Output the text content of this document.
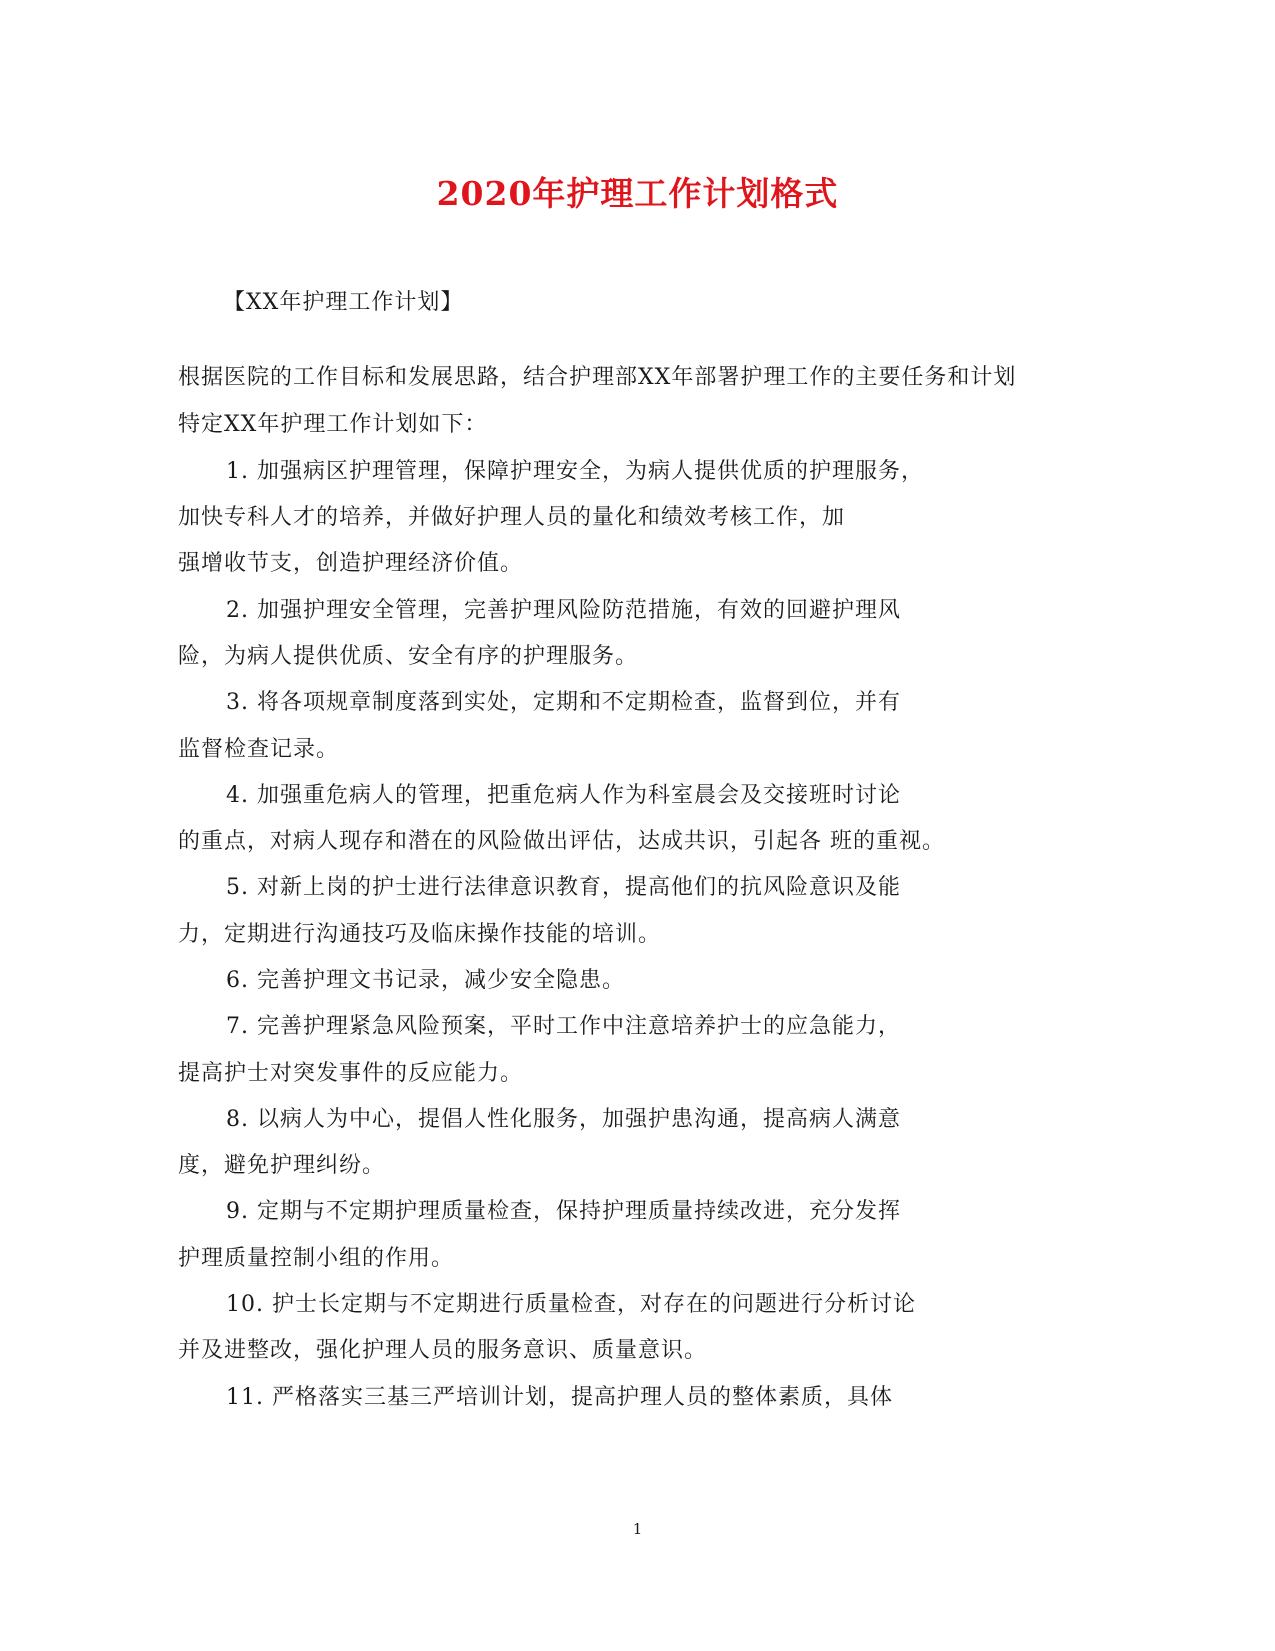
2020年护理工作计划格式
【XX年护理工作计划】
根据医院的工作目标和发展思路，结合护理部XX年部署护理工作的主要任务和计划
特定XX年护理工作计划如下：
1. 加强病区护理管理，保障护理安全，为病人提供优质的护理服务，
加快专科人才的培养，并做好护理人员的量化和绩效考核工作，加
强增收节支，创造护理经济价值。
2. 加强护理安全管理，完善护理风险防范措施，有效的回避护理风
险，为病人提供优质、安全有序的护理服务。
3. 将各项规章制度落到实处，定期和不定期检查，监督到位，并有
监督检查记录。
4. 加强重危病人的管理，把重危病人作为科室晨会及交接班时讨论
的重点，对病人现存和潜在的风险做出评估，达成共识，引起各 班的重视。
5. 对新上岗的护士进行法律意识教育，提高他们的抗风险意识及能
力，定期进行沟通技巧及临床操作技能的培训。
6. 完善护理文书记录，减少安全隐患。
7. 完善护理紧急风险预案，平时工作中注意培养护士的应急能力，
提高护士对突发事件的反应能力。
8. 以病人为中心，提倡人性化服务，加强护患沟通，提高病人满意
度，避免护理纠纷。
9. 定期与不定期护理质量检查，保持护理质量持续改进，充分发挥
护理质量控制小组的作用。
10. 护士长定期与不定期进行质量检查，对存在的问题进行分析讨论
并及进整改，强化护理人员的服务意识、质量意识。
11. 严格落实三基三严培训计划，提高护理人员的整体素质，具体
1
